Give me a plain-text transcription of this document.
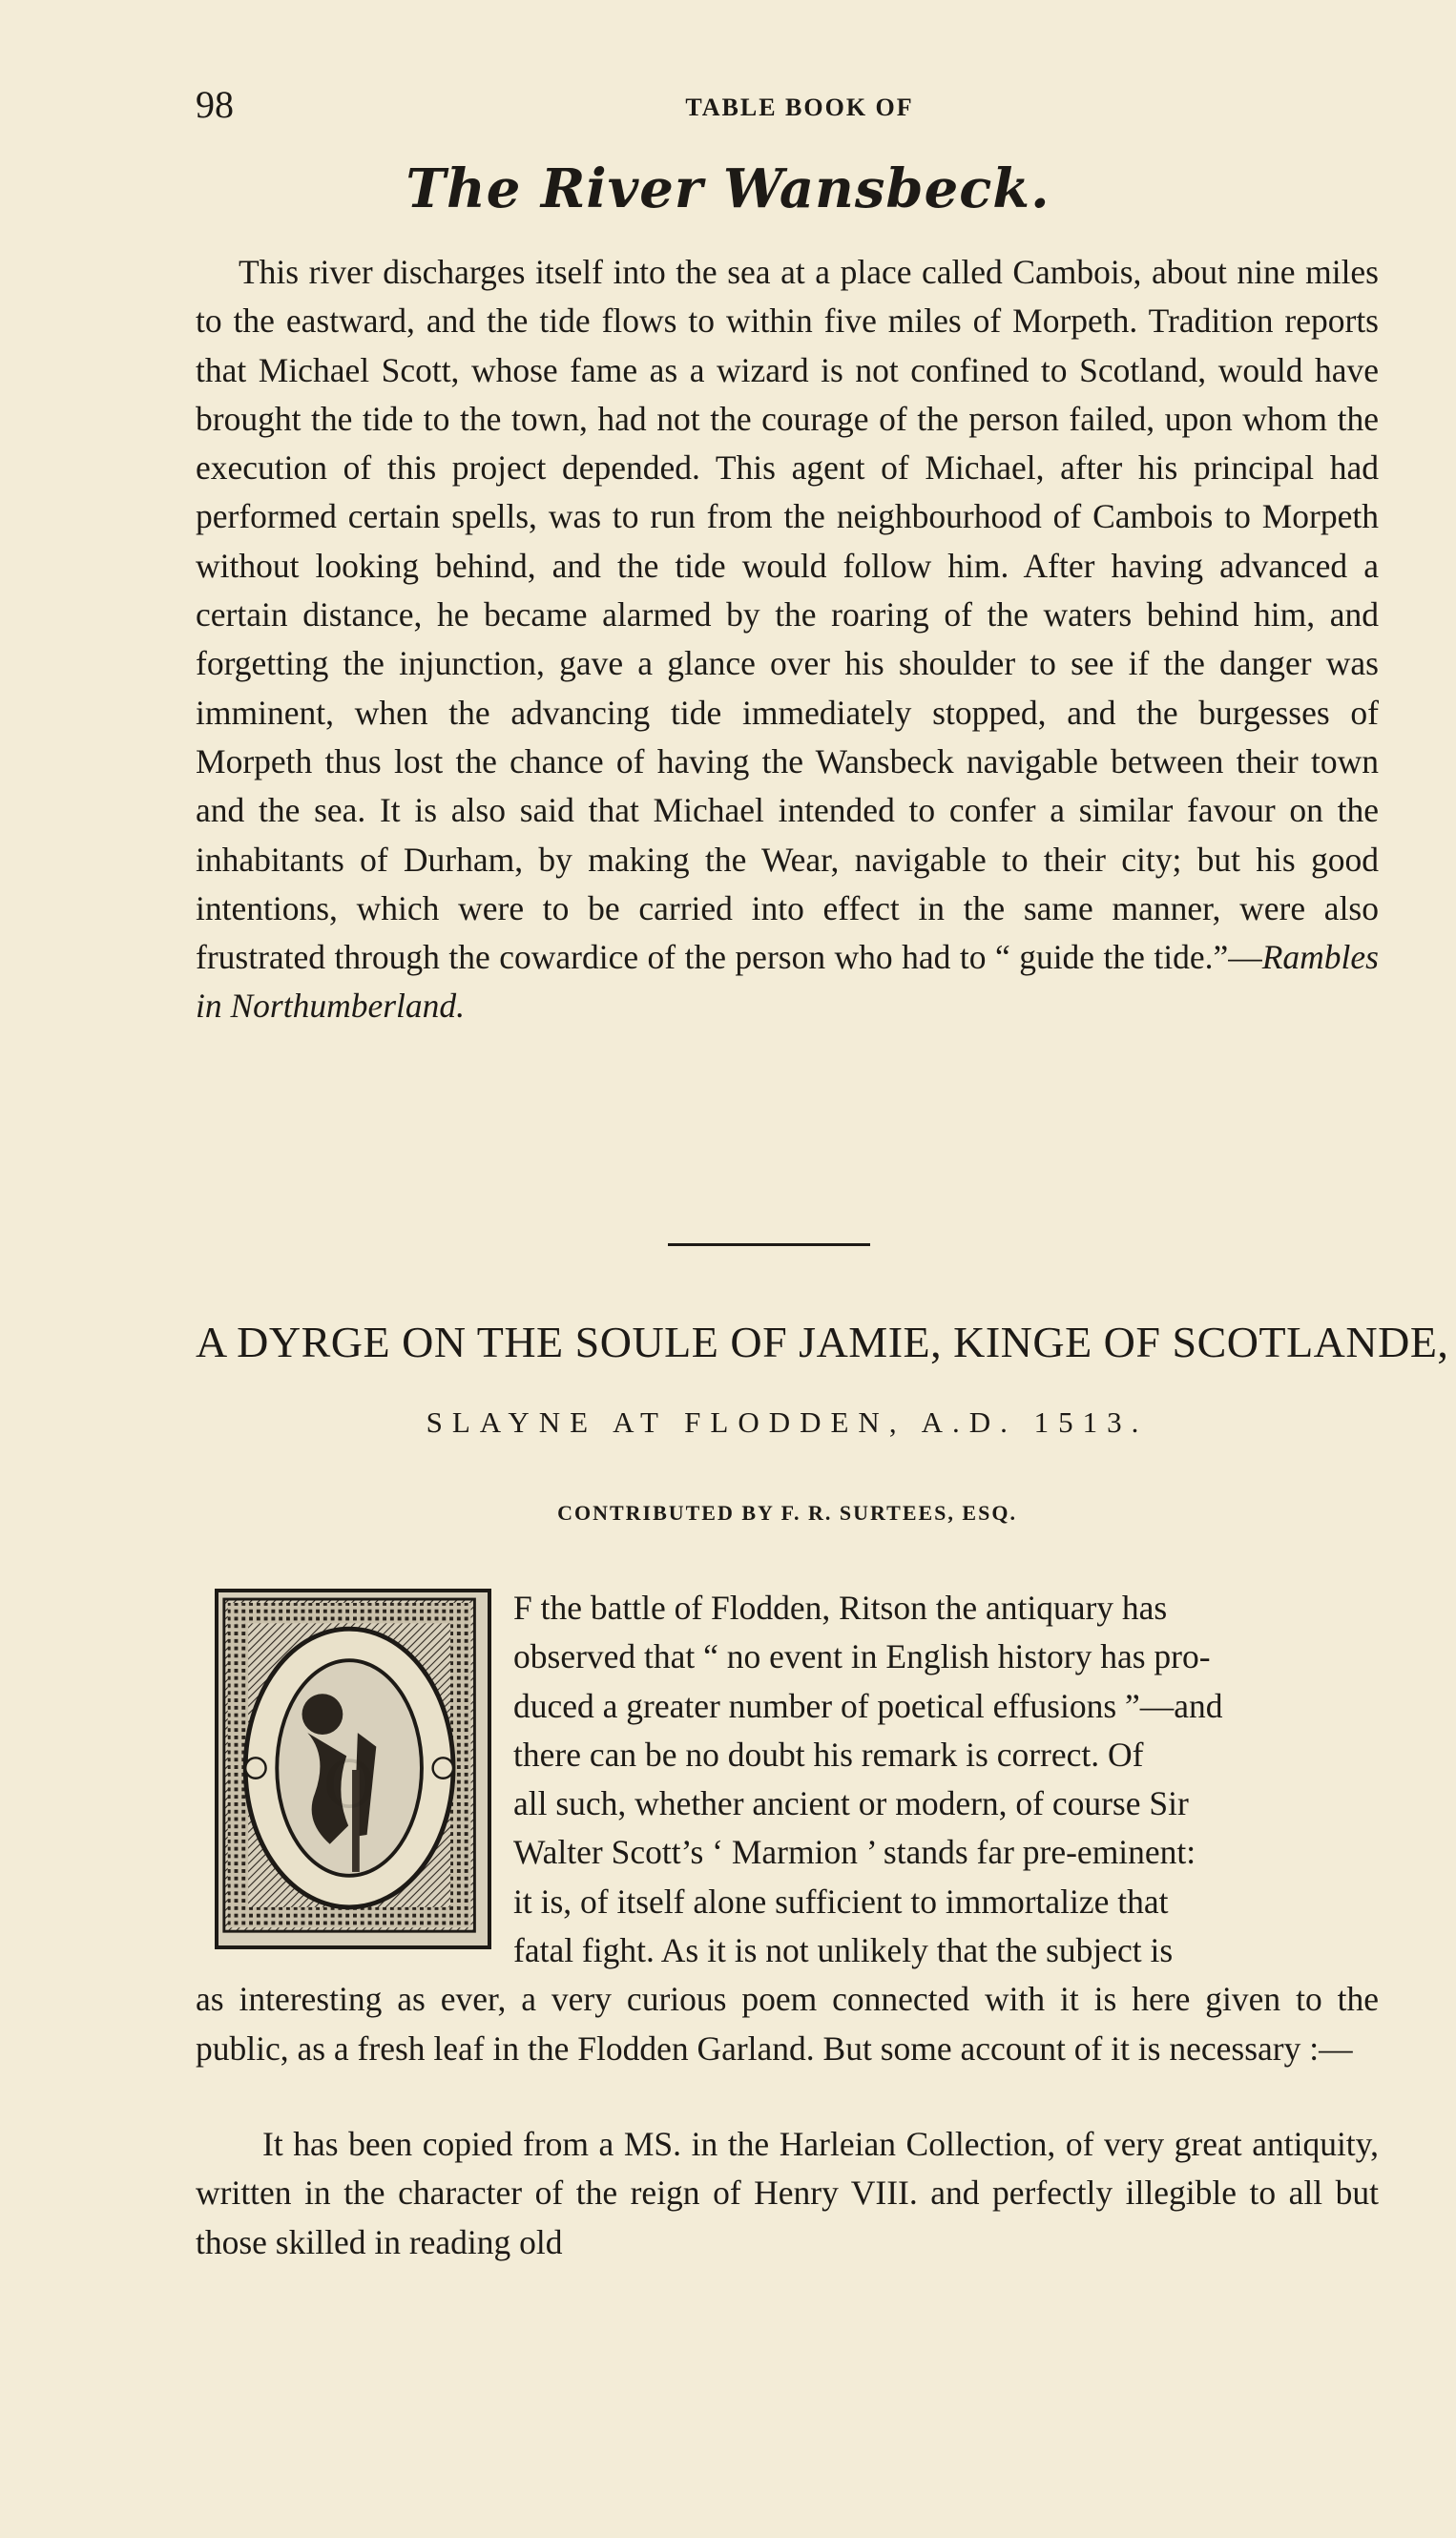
98	TABLE BOOK OF
The River Wansbeck.

This river discharges itself into the sea at a place called Cambois, about nine miles to the eastward, and the tide flows to within five miles of Morpeth. Tradition reports that Michael Scott, whose fame as a wizard is not confined to Scotland, would have brought the tide to the town, had not the courage of the person failed, upon whom the execution of this project depended. This agent of Michael, after his principal had performed certain spells, was to run from the neighbourhood of Cambois to Morpeth without looking behind, and the tide would follow him. After having advanced a certain distance, he became alarmed by the roaring of the waters behind him, and forgetting the injunction, gave a glance over his shoulder to see if the danger was imminent, when the advancing tide immediately stopped, and the burgesses of Morpeth thus lost the chance of having the Wansbeck navigable between their town and the sea. It is also said that Michael intended to confer a similar favour on the inhabitants of Durham, by making the Wear, navigable to their city; but his good intentions, which were to be carried into effect in the same manner, were also frustrated through the cowardice of the person who had to “ guide the tide.”—Rambles in Northumberland.

A DYRGE ON THE SOULE OF JAMIE, KINGE OF SCOTLANDE,
SLAYNE AT FLODDEN, A.D. 1513.
CONTRIBUTED BY F. R. SURTEES, ESQ.
O

F the battle of Flodden, Ritson the antiquary has
observed that “ no event in English history has pro-
duced a greater number of poetical effusions ”—and
there can be no doubt his remark is correct. Of
all such, whether ancient or modern, of course Sir
Walter Scott’s ‘ Marmion ’ stands far pre-eminent:
it is, of itself alone sufficient to immortalize that
fatal fight. As it is not unlikely that the subject is
as interesting as ever, a very curious poem connected with it is here given to the public, as a fresh leaf in the Flodden Garland. But some account of it is necessary :—

It has been copied from a MS. in the Harleian Collection, of very great antiquity, written in the character of the reign of Henry VIII. and perfectly illegible to all but those skilled in reading old
